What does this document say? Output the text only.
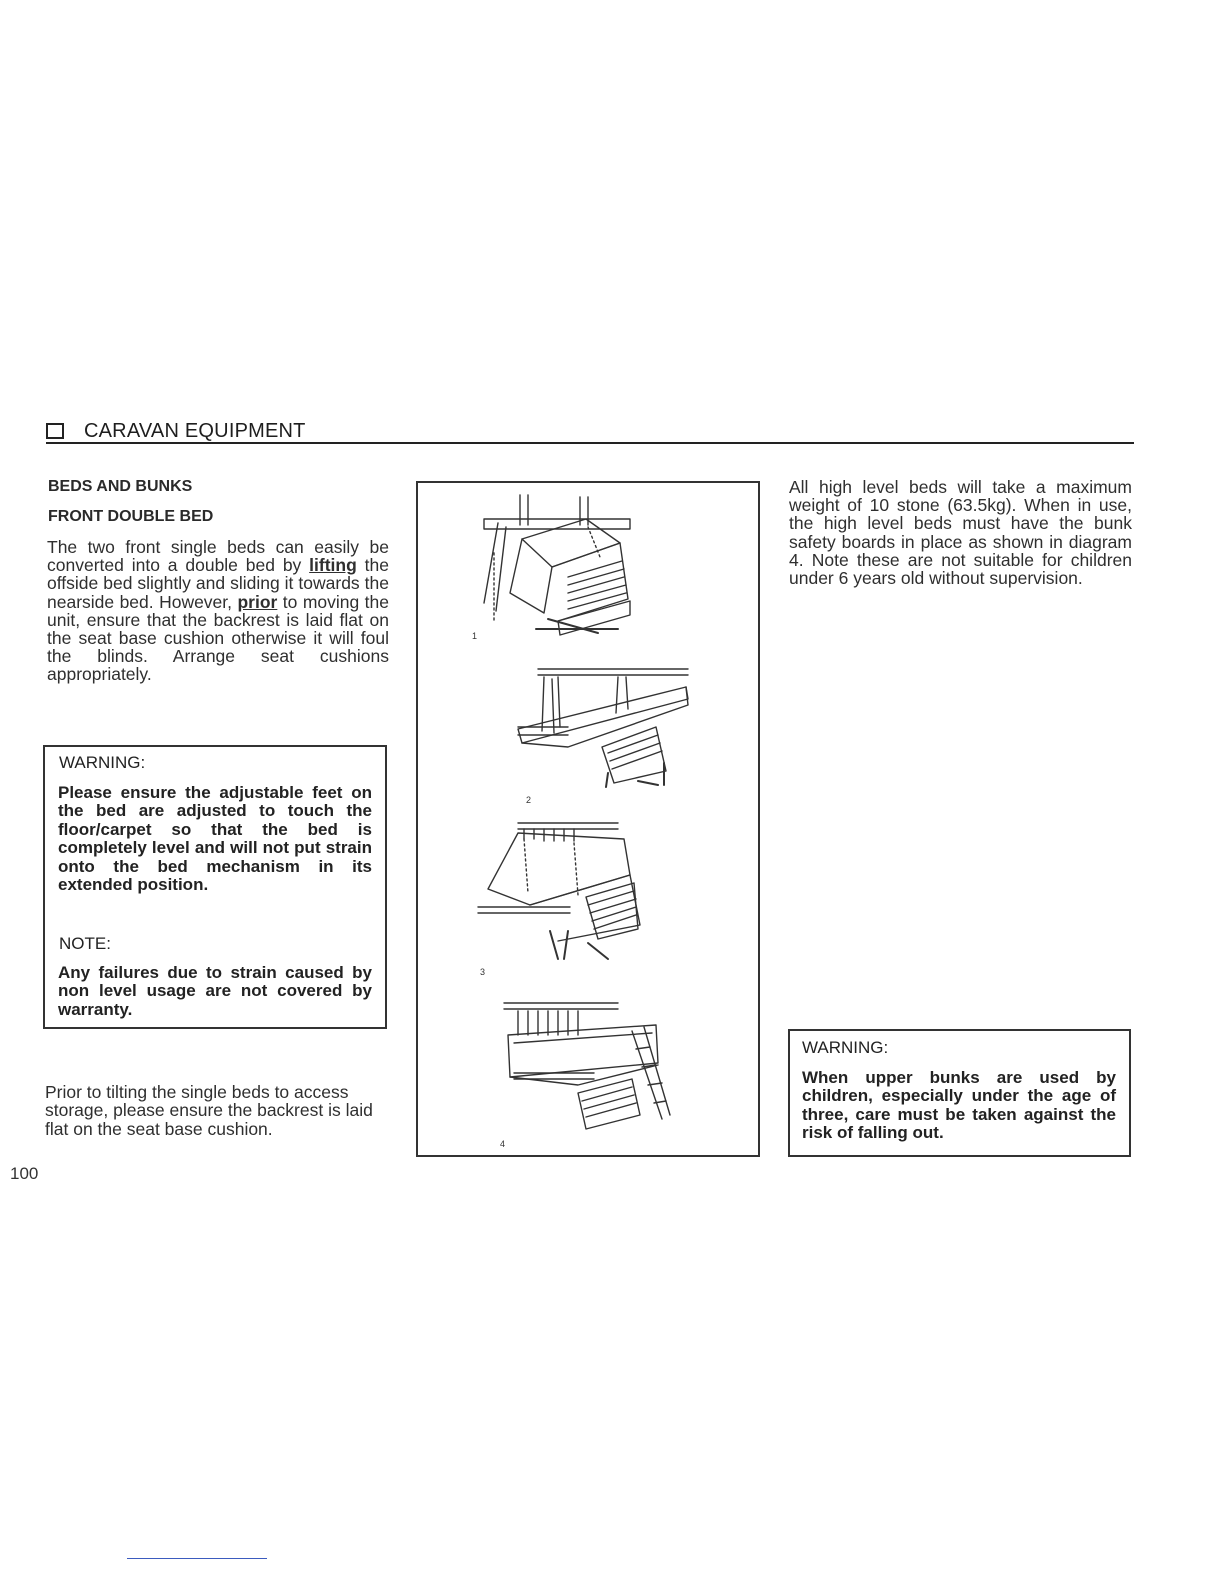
CARAVAN EQUIPMENT
BEDS AND BUNKS
FRONT DOUBLE BED
The two front single beds can easily be converted into a double bed by lifting the offside bed slightly and sliding it towards the nearside bed. However, prior to moving the unit, ensure that the backrest is laid flat on the seat base cushion otherwise it will foul the blinds. Arrange seat cushions appropriately.
WARNING:
Please ensure the adjustable feet on the bed are adjusted to touch the floor/carpet so that the bed is completely level and will not put strain onto the bed mechanism in its extended position.
NOTE:
Any failures due to strain caused by non level usage are not covered by warranty.
Prior to tilting the single beds to access storage, please ensure the backrest is laid flat on the seat base cushion.
100
1
2
3
4
All high level beds will take a maximum weight of 10 stone (63.5kg). When in use, the high level beds must have the bunk safety boards in place as shown in diagram 4. Note these are not suitable for children under 6 years old without supervision.
WARNING:
When upper bunks are used by children, especially under the age of three, care must be taken against the risk of falling out.
